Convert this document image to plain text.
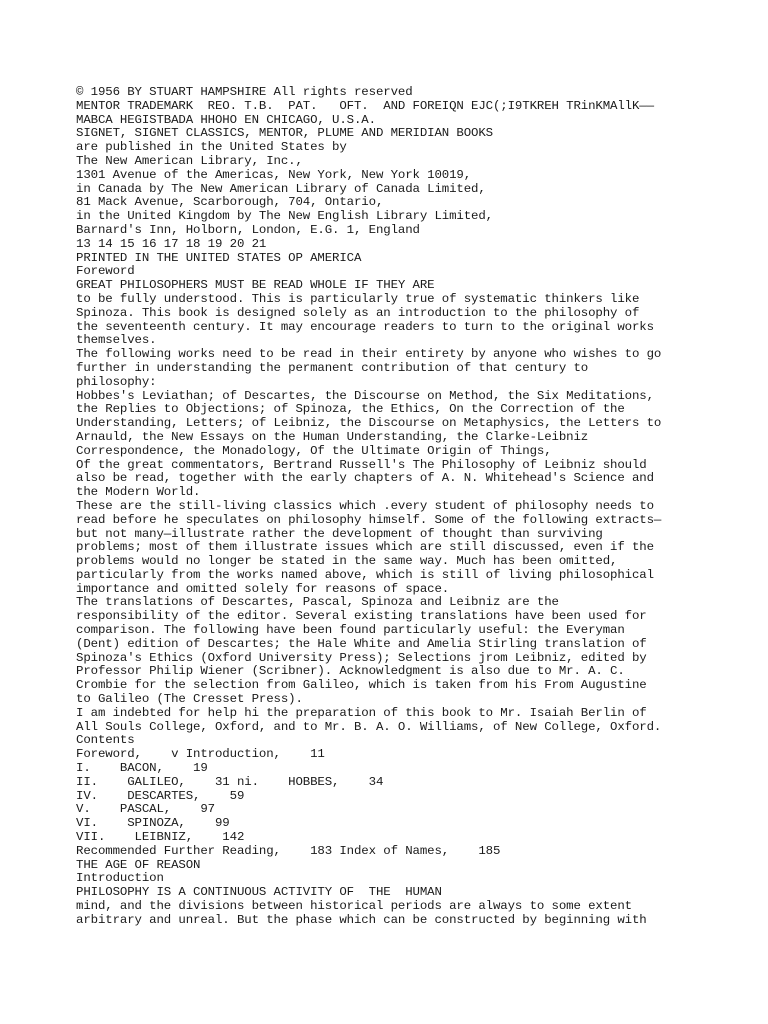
© 1956 BY STUART HAMPSHIRE All rights reserved
MENTOR TRADEMARK  REO. T.B.  PAT.   OFT.  AND FOREIQN EJC(;I9TKREH TRinKMAllK——
MABCA HEGISTBADA HHOHO EN CHICAGO, U.S.A.
SIGNET, SIGNET CLASSICS, MENTOR, PLUME AND MERIDIAN BOOKS
are published in the United States by
The New American Library, Inc.,
1301 Avenue of the Americas, New York, New York 10019,
in Canada by The New American Library of Canada Limited,
81 Mack Avenue, Scarborough, 704, Ontario,
in the United Kingdom by The New English Library Limited,
Barnard's Inn, Holborn, London, E.G. 1, England
13 14 15 16 17 18 19 20 21
PRINTED IN THE UNITED STATES OP AMERICA
Foreword
GREAT PHILOSOPHERS MUST BE READ WHOLE IF THEY ARE
to be fully understood. This is particularly true of systematic thinkers like
Spinoza. This book is designed solely as an introduction to the philosophy of
the seventeenth century. It may encourage readers to turn to the original works
themselves.
The following works need to be read in their entirety by anyone who wishes to go
further in understanding the permanent contribution of that century to
philosophy:
Hobbes's Leviathan; of Descartes, the Discourse on Method, the Six Meditations,
the Replies to Objections; of Spinoza, the Ethics, On the Correction of the
Understanding, Letters; of Leibniz, the Discourse on Metaphysics, the Letters to
Arnauld, the New Essays on the Human Understanding, the Clarke-Leibniz
Correspondence, the Monadology, Of the Ultimate Origin of Things,
Of the great commentators, Bertrand Russell's The Philosophy of Leibniz should
also be read, together with the early chapters of A. N. Whitehead's Science and
the Modern World.
These are the still-living classics which .every student of philosophy needs to
read before he speculates on philosophy himself. Some of the following extracts—
but not many—illustrate rather the development of thought than surviving
problems; most of them illustrate issues which are still discussed, even if the
problems would no longer be stated in the same way. Much has been omitted,
particularly from the works named above, which is still of living philosophical
importance and omitted solely for reasons of space.
The translations of Descartes, Pascal, Spinoza and Leibniz are the
responsibility of the editor. Several existing translations have been used for
comparison. The following have been found particularly useful: the Everyman
(Dent) edition of Descartes; the Hale White and Amelia Stirling translation of
Spinoza's Ethics (Oxford University Press); Selections jrom Leibniz, edited by
Professor Philip Wiener (Scribner). Acknowledgment is also due to Mr. A. C.
Crombie for the selection from Galileo, which is taken from his From Augustine
to Galileo (The Cresset Press).
I am indebted for help hi the preparation of this book to Mr. Isaiah Berlin of
All Souls College, Oxford, and to Mr. B. A. O. Williams, of New College, Oxford.
Contents
Foreword,    v Introduction,    11
I.    BACON,    19
II.    GALILEO,    31 ni.    HOBBES,    34
IV.    DESCARTES,    59
V.    PASCAL,    97
VI.    SPINOZA,    99
VII.    LEIBNIZ,    142
Recommended Further Reading,    183 Index of Names,    185
THE AGE OF REASON
Introduction
PHILOSOPHY IS A CONTINUOUS ACTIVITY OF  THE  HUMAN
mind, and the divisions between historical periods are always to some extent
arbitrary and unreal. But the phase which can be constructed by beginning with
